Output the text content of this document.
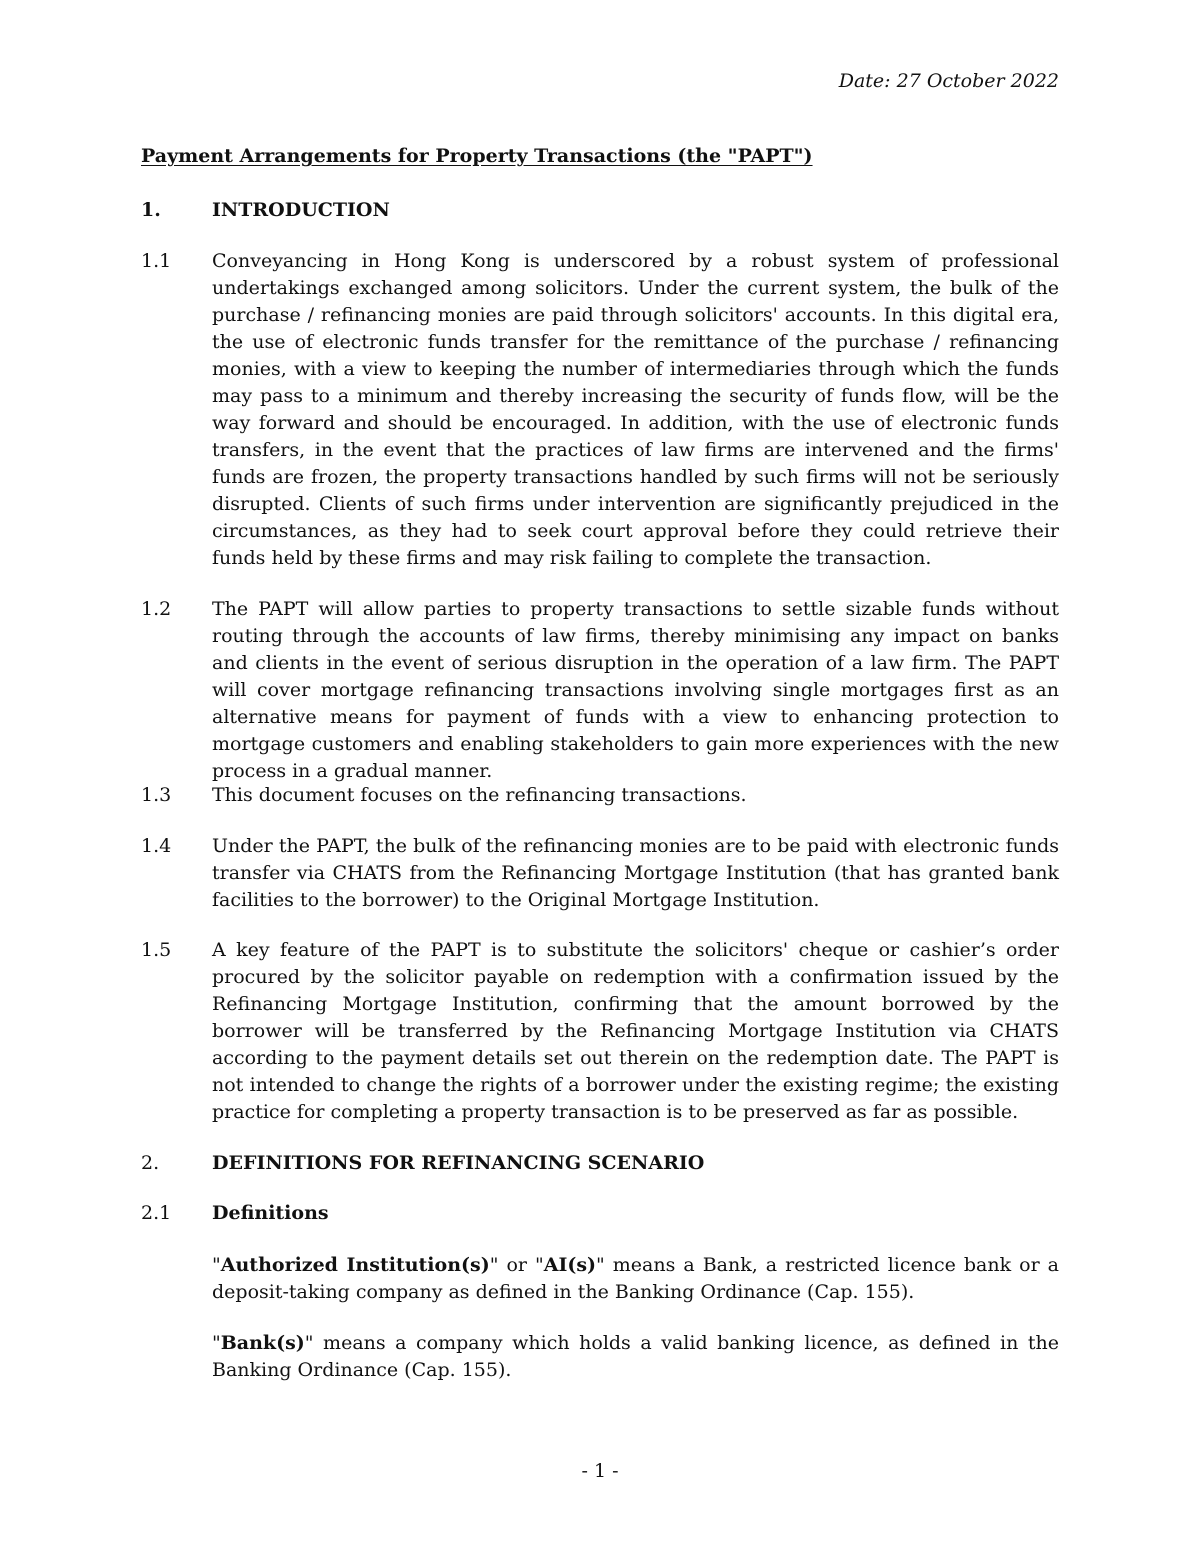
Date: 27 October 2022
Payment Arrangements for Property Transactions (the "PAPT")
1.	INTRODUCTION
1.1	Conveyancing in Hong Kong is underscored by a robust system of professional undertakings exchanged among solicitors. Under the current system, the bulk of the purchase / refinancing monies are paid through solicitors' accounts. In this digital era, the use of electronic funds transfer for the remittance of the purchase / refinancing monies, with a view to keeping the number of intermediaries through which the funds may pass to a minimum and thereby increasing the security of funds flow, will be the way forward and should be encouraged. In addition, with the use of electronic funds transfers, in the event that the practices of law firms are intervened and the firms' funds are frozen, the property transactions handled by such firms will not be seriously disrupted. Clients of such firms under intervention are significantly prejudiced in the circumstances, as they had to seek court approval before they could retrieve their funds held by these firms and may risk failing to complete the transaction.
1.2	The PAPT will allow parties to property transactions to settle sizable funds without routing through the accounts of law firms, thereby minimising any impact on banks and clients in the event of serious disruption in the operation of a law firm. The PAPT will cover mortgage refinancing transactions involving single mortgages first as an alternative means for payment of funds with a view to enhancing protection to mortgage customers and enabling stakeholders to gain more experiences with the new process in a gradual manner.
1.3	This document focuses on the refinancing transactions.
1.4	Under the PAPT, the bulk of the refinancing monies are to be paid with electronic funds transfer via CHATS from the Refinancing Mortgage Institution (that has granted bank facilities to the borrower) to the Original Mortgage Institution.
1.5	A key feature of the PAPT is to substitute the solicitors' cheque or cashier’s order procured by the solicitor payable on redemption with a confirmation issued by the Refinancing Mortgage Institution, confirming that the amount borrowed by the borrower will be transferred by the Refinancing Mortgage Institution via CHATS according to the payment details set out therein on the redemption date. The PAPT is not intended to change the rights of a borrower under the existing regime; the existing practice for completing a property transaction is to be preserved as far as possible.
2.	DEFINITIONS FOR REFINANCING SCENARIO
2.1	Definitions
"Authorized Institution(s)" or "AI(s)" means a Bank, a restricted licence bank or a deposit-taking company as defined in the Banking Ordinance (Cap. 155).
"Bank(s)" means a company which holds a valid banking licence, as defined in the Banking Ordinance (Cap. 155).
- 1 -
